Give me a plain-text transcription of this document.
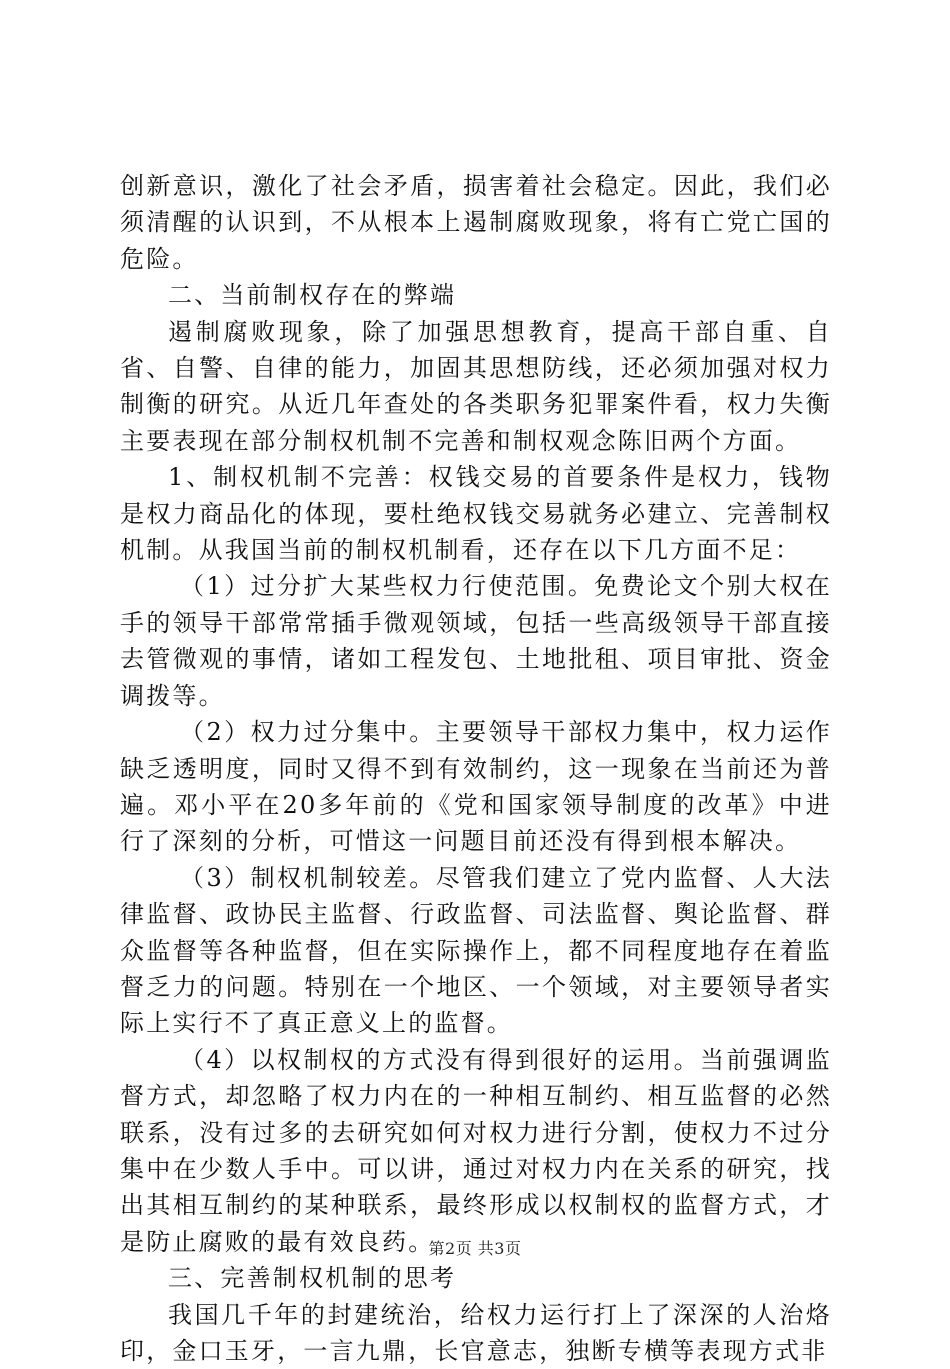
创新意识，激化了社会矛盾，损害着社会稳定。因此，我们必须清醒的认识到，不从根本上遏制腐败现象，将有亡党亡国的危险。

二、当前制权存在的弊端

遏制腐败现象，除了加强思想教育，提高干部自重、自省、自警、自律的能力，加固其思想防线，还必须加强对权力制衡的研究。从近几年查处的各类职务犯罪案件看，权力失衡主要表现在部分制权机制不完善和制权观念陈旧两个方面。

1、制权机制不完善：权钱交易的首要条件是权力，钱物是权力商品化的体现，要杜绝权钱交易就务必建立、完善制权机制。从我国当前的制权机制看，还存在以下几方面不足：

（1）过分扩大某些权力行使范围。免费论文个别大权在手的领导干部常常插手微观领域，包括一些高级领导干部直接去管微观的事情，诸如工程发包、土地批租、项目审批、资金调拨等。

（2）权力过分集中。主要领导干部权力集中，权力运作缺乏透明度，同时又得不到有效制约，这一现象在当前还为普遍。邓小平在20多年前的《党和国家领导制度的改革》中进行了深刻的分析，可惜这一问题目前还没有得到根本解决。

（3）制权机制较差。尽管我们建立了党内监督、人大法律监督、政协民主监督、行政监督、司法监督、舆论监督、群众监督等各种监督，但在实际操作上，都不同程度地存在着监督乏力的问题。特别在一个地区、一个领域，对主要领导者实际上实行不了真正意义上的监督。

（4）以权制权的方式没有得到很好的运用。当前强调监督方式，却忽略了权力内在的一种相互制约、相互监督的必然联系，没有过多的去研究如何对权力进行分割，使权力不过分集中在少数人手中。可以讲，通过对权力内在关系的研究，找出其相互制约的某种联系，最终形成以权制权的监督方式，才是防止腐败的最有效良药。

三、完善制权机制的思考

我国几千年的封建统治，给权力运行打上了深深的人治烙印，金口玉牙，一言九鼎，长官意志，独断专横等表现方式非

第2页 共3页
